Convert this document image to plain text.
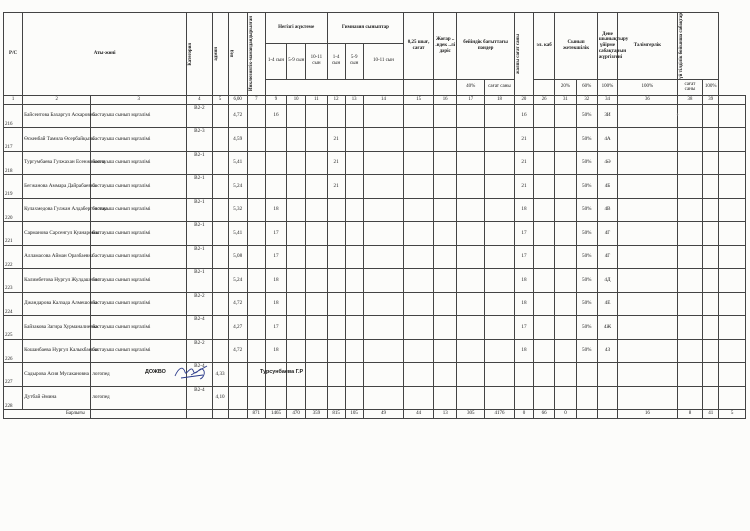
Р/С	Аты-жөні		Категория	админ	пед	Инклюзивтік-мамандандырылған	Негізгі жүктеме			Гимназия сыныптар			0,25 шығ, сағат	Жоғар .. .ндек ..лі дәріс	бейіндік бағыттағы пәндер		жалпы сағат саны	эл. каб	Сынып жетекшілік		Дене шынықтыру үйірме сабақтарын жүргізгені	Тәлімгерлік	үй тілділік бойынша сабақтар		

							1-4 сын	5-9 сын	10-11 сын	1-4 сын	5-9 сын	10-11 сын													
															40%	сағат саны			20%	60%	100%	100%	сағат саны	100%	
1	2	3	4	5	6,00	7	9	10	11	12	13	14	15	16	17	18	20	26	31	32	34	36	38	39	
216	Байсеитова Бахаргул Аскаровна	бастауыш сынып мұғалімі	В2-2		4,72		16										16			50%	3И				
217	Өскенбай Тамила Өсербайқызы	бастауыш сынып мұғалімі	В2-3		4,59					21							21			50%	4А				
218	Тургумбаева Гулжахан Есенжановна	бастауыш сынып мұғалімі	В2-1		5,41					21							21			50%	4Ә				
219	Бегжанова Аммара Дайрабаевна	бастауыш сынып мұғалімі	В2-1		5,24					21							21			50%	4Б				
220	Кулахмедова Гулжан Алдабергеновна	бастауыш сынып мұғалімі	В2-1		5,32		18										18			50%	4В				
221	Сарманова Сарсенгул Куанаровна	бастауыш сынып мұғалімі	В2-1		5,41		17										17			50%	4Г				
222	Алламасова Айман Оразбаевна	бастауыш сынып мұғалімі	В2-1		5,08		17										17			50%	4Г				
223	Калимбетова Нургул Жулдашевна	бастауыш сынып мұғалімі	В2-1		5,24		18										18			50%	4Д				
224	Джандарова Калзада Алмешовна	бастауыш сынып мұғалімі	В2-2		4,72		18										18			50%	4Е				
225	Байзакова Загира Хурманалиевна	бастауыш сынып мұғалімі	В2-4		4,27		17										17			50%	4Ж				
226	Кошанбаева Нургул Калыкбаевна	бастауыш сынып мұғалімі	В2-2		4,72		18										18			50%	4З				
227	Садырова Асия Мусакановна	логопед	В2-4	4,33																					
228	Дутбай Әмина	логопед	В2-4	4,10																					
Барлығы						871	1465	470	359	815	105	49	44	13	305	4176	0	66	0			16	8	41	5
+
ДОЖВО	Турсунбаева Г.Р
